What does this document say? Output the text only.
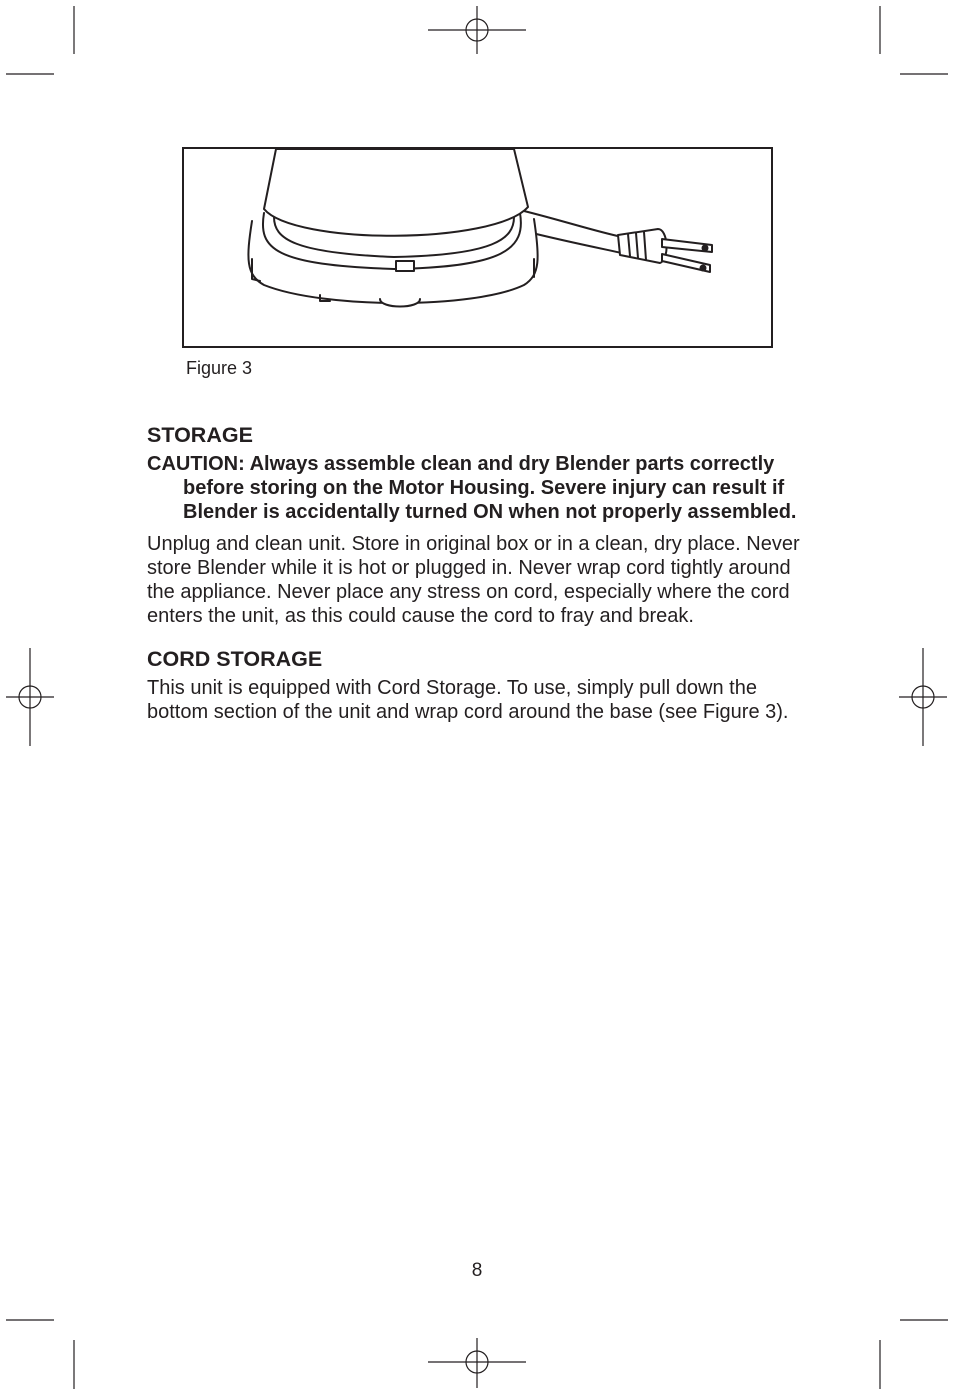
Figure 3
STORAGE

CAUTION: Always assemble clean and dry Blender parts correctly before storing on the Motor Housing. Severe injury can result if Blender is accidentally turned ON when not properly assembled.

Unplug and clean unit. Store in original box or in a clean, dry place. Never store Blender while it is hot or plugged in. Never wrap cord tightly around the appliance. Never place any stress on cord, especially where the cord enters the unit, as this could cause the cord to fray and break.

CORD STORAGE

This unit is equipped with Cord Storage. To use, simply pull down the bottom section of the unit and wrap cord around the base (see Figure 3).

8
